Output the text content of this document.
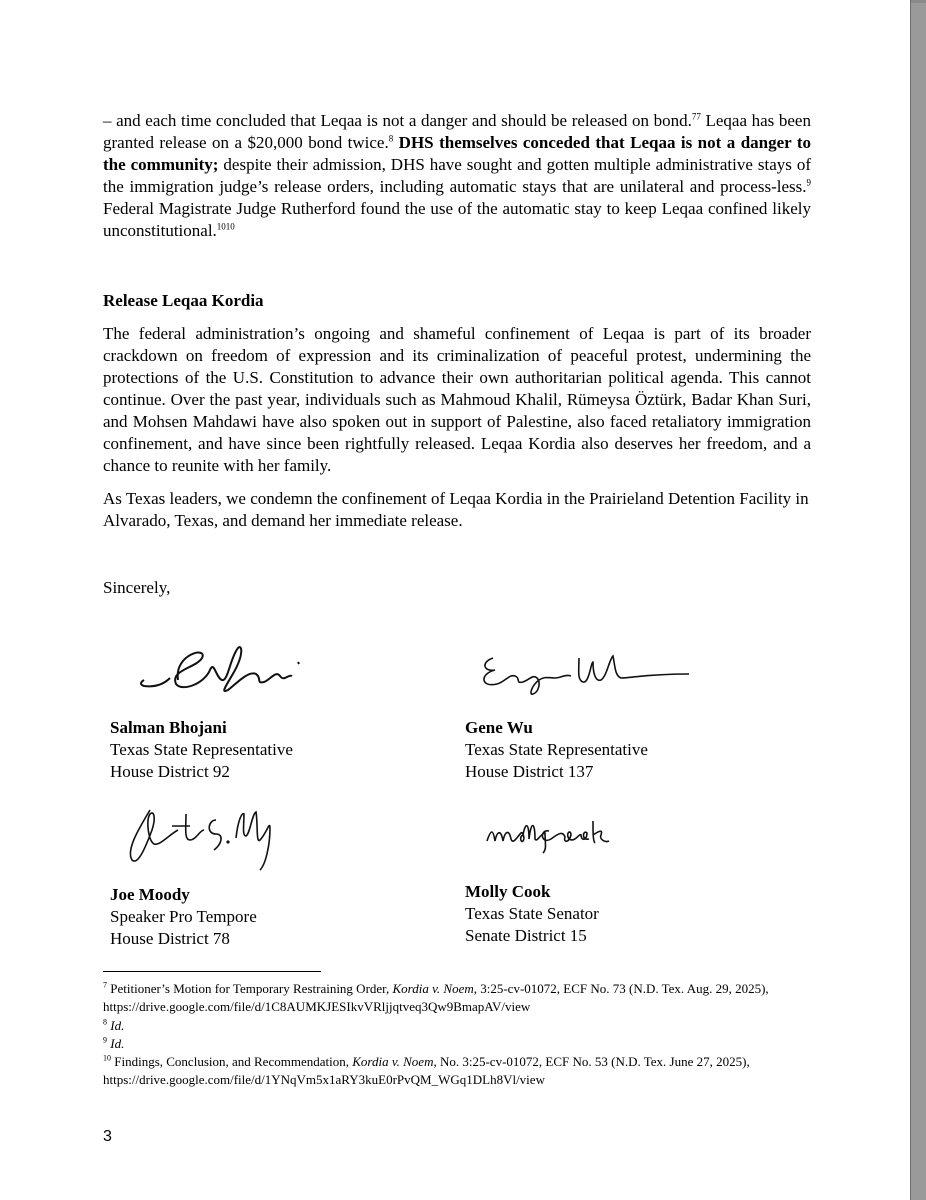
– and each time concluded that Leqaa is not a danger and should be released on bond.$^{77}$ Leqaa has been granted release on a $20,000 bond twice.$^8$ DHS themselves conceded that Leqaa is not a danger to the community; despite their admission, DHS have sought and gotten multiple administrative stays of the immigration judge’s release orders, including automatic stays that are unilateral and process-less.$^9$ Federal Magistrate Judge Rutherford found the use of the automatic stay to keep Leqaa confined likely unconstitutional.$^{1010}$
Release Leqaa Kordia
The federal administration’s ongoing and shameful confinement of Leqaa is part of its broader crackdown on freedom of expression and its criminalization of peaceful protest, undermining the protections of the U.S. Constitution to advance their own authoritarian political agenda. This cannot continue. Over the past year, individuals such as Mahmoud Khalil, Rümeysa Öztürk, Badar Khan Suri, and Mohsen Mahdawi have also spoken out in support of Palestine, also faced retaliatory immigration confinement, and have since been rightfully released. Leqaa Kordia also deserves her freedom, and a chance to reunite with her family.
As Texas leaders, we condemn the confinement of Leqaa Kordia in the Prairieland Detention Facility in Alvarado, Texas, and demand her immediate release.
Sincerely,
Salman Bhojani
Texas State Representative
House District 92
Gene Wu
Texas State Representative
House District 137
Joe Moody
Speaker Pro Tempore
House District 78
Molly Cook
Texas State Senator
Senate District 15
$^7$ Petitioner’s Motion for Temporary Restraining Order, Kordia v. Noem, 3:25-cv-01072, ECF No. 73 (N.D. Tex. Aug. 29, 2025), https://drive.google.com/file/d/1C8AUMKJESIkvVRljjqtveq3Qw9BmapAV/view
$^8$ Id.
$^9$ Id.
$^{10}$ Findings, Conclusion, and Recommendation, Kordia v. Noem, No. 3:25-cv-01072, ECF No. 53 (N.D. Tex. June 27, 2025), https://drive.google.com/file/d/1YNqVm5x1aRY3kuE0rPvQM_WGq1DLh8Vl/view
3
